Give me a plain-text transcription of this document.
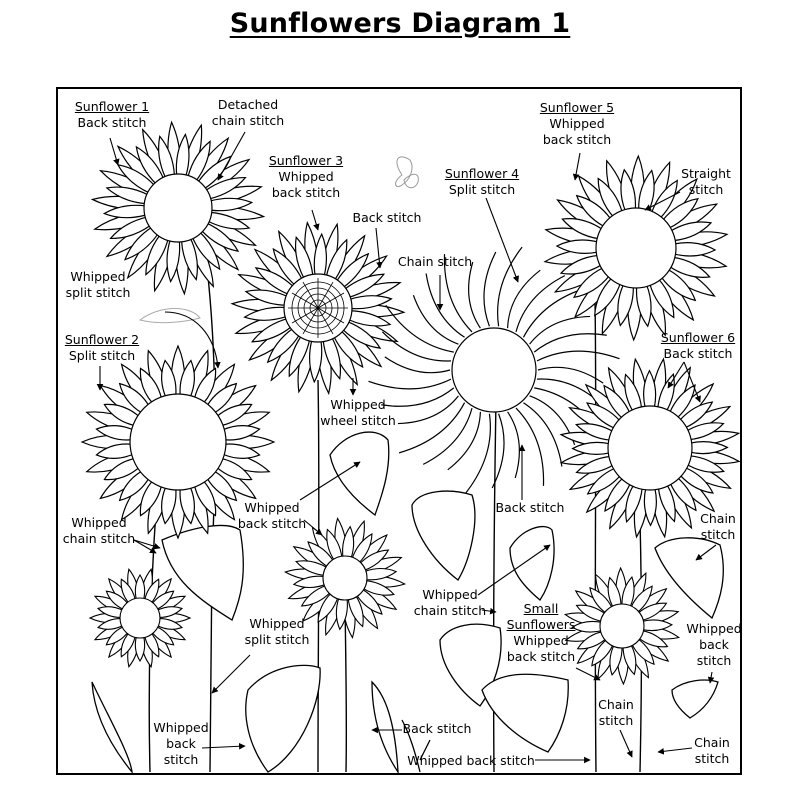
Sunflowers Diagram 1
Sunflower 1
Back stitch
Detached
chain stitch
Sunflower 3
Whipped
back stitch
Back stitch
Sunflower 4
Split stitch
Chain stitch
Sunflower 5
Whipped
back stitch
Straight
stitch
Whipped
split stitch
Sunflower 2
Split stitch
Sunflower 6
Back stitch
Whipped
wheel stitch
Back stitch
Whipped
back stitch
Whipped
chain stitch
Chain
stitch
Whipped
chain stitch	Small
Sunflowers
Whipped
back stitch
Whipped
split stitch
Whipped
back
stitch
Whipped
back
stitch
Back stitch
Chain
stitch
Chain
stitch
Whipped back stitch
